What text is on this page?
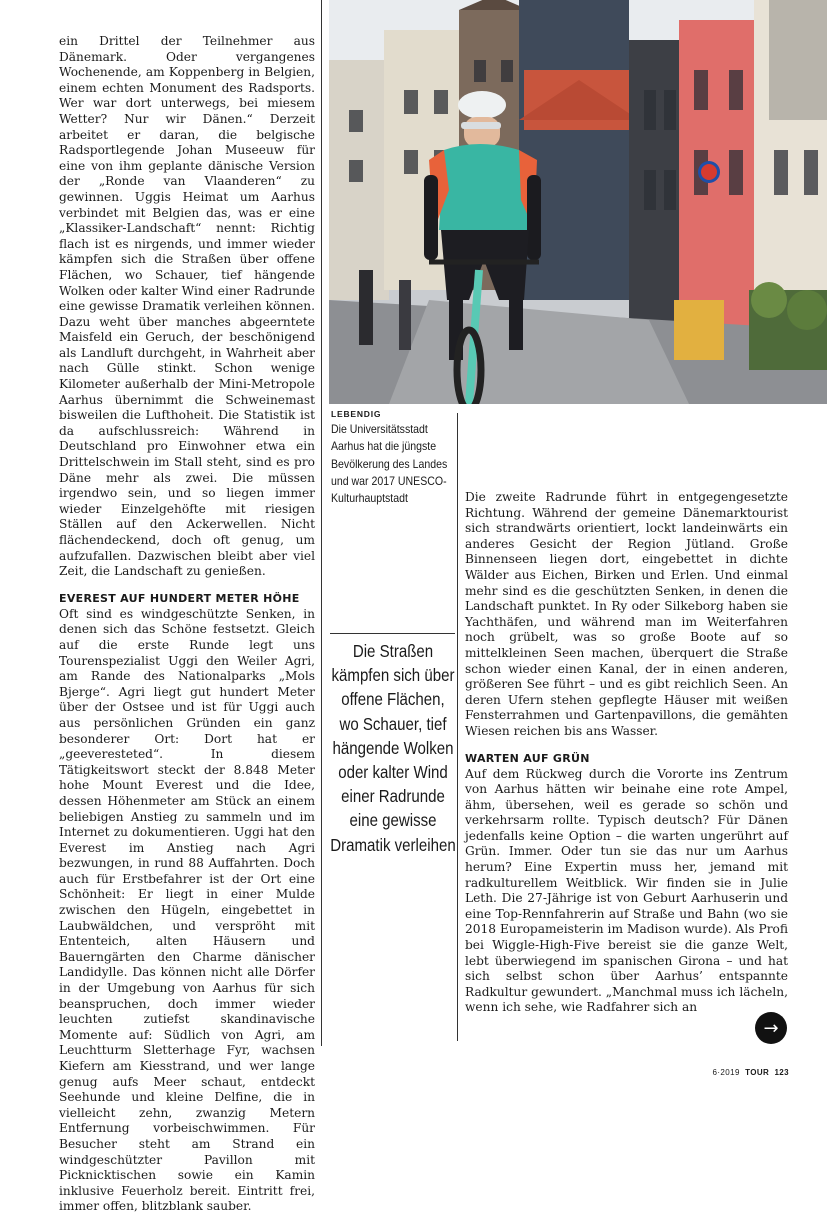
ein Drittel der Teilnehmer aus Dänemark. Oder vergangenes Wochenende, am Koppenberg in Belgien, einem echten Monument des Radsports. Wer war dort unterwegs, bei miesem Wetter? Nur wir Dänen.“ Derzeit arbeitet er daran, die belgische Radsportlegende Johan Museeuw für eine von ihm geplante dänische Version der „Ronde van Vlaanderen“ zu gewinnen. Uggis Heimat um Aarhus verbindet mit Belgien das, was er eine „Klassiker-Landschaft“ nennt: Richtig flach ist es nirgends, und immer wieder kämpfen sich die Straßen über offene Flächen, wo Schauer, tief hängende Wolken oder kalter Wind einer Radrunde eine gewisse Dramatik verleihen können. Dazu weht über manches abgeerntete Maisfeld ein Geruch, der beschönigend als Landluft durchgeht, in Wahrheit aber nach Gülle stinkt. Schon wenige Kilometer außerhalb der Mini-Metropole Aarhus übernimmt die Schweinemast bisweilen die Lufthoheit. Die Statistik ist da aufschlussreich: Während in Deutschland pro Einwohner etwa ein Drittelschwein im Stall steht, sind es pro Däne mehr als zwei. Die müssen irgendwo sein, und so liegen immer wieder Einzelgehöfte mit riesigen Ställen auf den Ackerwellen. Nicht flächendeckend, doch oft genug, um aufzufallen. Dazwischen bleibt aber viel Zeit, die Landschaft zu genießen.

EVEREST AUF HUNDERT METER HÖHE

Oft sind es windgeschützte Senken, in denen sich das Schöne festsetzt. Gleich auf die erste Runde legt uns Tourenspezialist Uggi den Weiler Agri, am Rande des Nationalparks „Mols Bjerge“. Agri liegt gut hundert Meter über der Ostsee und ist für Uggi auch aus persönlichen Gründen ein ganz besonderer Ort: Dort hat er „geeveresteted“. In diesem Tätigkeitswort steckt der 8.848 Meter hohe Mount Everest und die Idee, dessen Höhenmeter am Stück an einem beliebigen Anstieg zu sammeln und im Internet zu dokumentieren. Uggi hat den Everest im Anstieg nach Agri bezwungen, in rund 88 Auffahrten. Doch auch für Erstbefahrer ist der Ort eine Schönheit: Er liegt in einer Mulde zwischen den Hügeln, eingebettet in Laubwäldchen, und verspröht mit Ententeich, alten Häusern und Bauerngärten den Charme dänischer Landidylle. Das können nicht alle Dörfer in der Umgebung von Aarhus für sich beanspruchen, doch immer wieder leuchten zutiefst skandinavische Momente auf: Südlich von Agri, am Leuchtturm Sletterhage Fyr, wachsen Kiefern am Kiesstrand, und wer lange genug aufs Meer schaut, entdeckt Seehunde und kleine Delfine, die in vielleicht zehn, zwanzig Metern Entfernung vorbeischwimmen. Für Besucher steht am Strand ein windgeschützter Pavillon mit Picknicktischen sowie ein Kamin inklusive Feuerholz bereit. Eintritt frei, immer offen, blitzblank sauber.

LEBENDIG
Die Universitätsstadt Aarhus hat die jüngste Bevölkerung des Landes und war 2017 UNESCO-Kulturhauptstadt
Die Straßen kämpfen sich über offene Flächen, wo Schauer, tief hängende Wolken oder kalter Wind einer Radrunde eine gewisse Dramatik verleihen

Die zweite Radrunde führt in entgegengesetzte Richtung. Während der gemeine Dänemarktourist sich strandwärts orientiert, lockt landeinwärts ein anderes Gesicht der Region Jütland. Große Binnenseen liegen dort, eingebettet in dichte Wälder aus Eichen, Birken und Erlen. Und einmal mehr sind es die geschützten Senken, in denen die Landschaft punktet. In Ry oder Silkeborg haben sie Yachthäfen, und während man im Weiterfahren noch grübelt, was so große Boote auf so mittelkleinen Seen machen, überquert die Straße schon wieder einen Kanal, der in einen anderen, größeren See führt – und es gibt reichlich Seen. An deren Ufern stehen gepflegte Häuser mit weißen Fensterrahmen und Gartenpavillons, die gemähten Wiesen reichen bis ans Wasser.

WARTEN AUF GRÜN

Auf dem Rückweg durch die Vororte ins Zentrum von Aarhus hätten wir beinahe eine rote Ampel, ähm, übersehen, weil es gerade so schön und verkehrsarm rollte. Typisch deutsch? Für Dänen jedenfalls keine Option – die warten ungerührt auf Grün. Immer. Oder tun sie das nur um Aarhus herum? Eine Expertin muss her, jemand mit radkulturellem Weitblick. Wir finden sie in Julie Leth. Die 27-Jährige ist von Geburt Aarhuserin und eine Top-Rennfahrerin auf Straße und Bahn (wo sie 2018 Europameisterin im Madison wurde). Als Profi bei Wiggle-High-Five bereist sie die ganze Welt, lebt überwiegend im spanischen Girona – und hat sich selbst schon über Aarhus’ entspannte Radkultur gewundert. „Manchmal muss ich lächeln, wenn ich sehe, wie Radfahrer sich an

→
6·2019 TOUR 123
